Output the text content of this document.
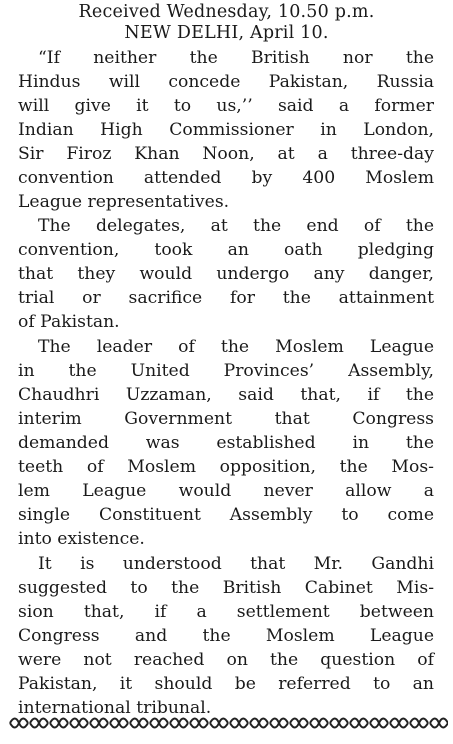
Received Wednesday, 10.50 p.m.
NEW DELHI, April 10.
“If neither the British nor the
Hindus will concede Pakistan, Russia
will give it to us,’’ said a former
Indian High Commissioner in London,
Sir Firoz Khan Noon, at a three-day
convention attended by 400 Moslem
League representatives.
The delegates, at the end of the
convention, took an oath pledging
that they would undergo any danger,
trial or sacrifice for the attainment
of Pakistan.
The leader of the Moslem League
in the United Provinces’ Assembly,
Chaudhri Uzzaman, said that, if the
interim Government that Congress
demanded was established in the
teeth of Moslem opposition, the Mos-
lem League would never allow a
single Constituent Assembly to come
into existence.
It is understood that Mr. Gandhi
suggested to the British Cabinet Mis-
sion that, if a settlement between
Congress and the Moslem League
were not reached on the question of
Pakistan, it should be referred to an
international tribunal.
